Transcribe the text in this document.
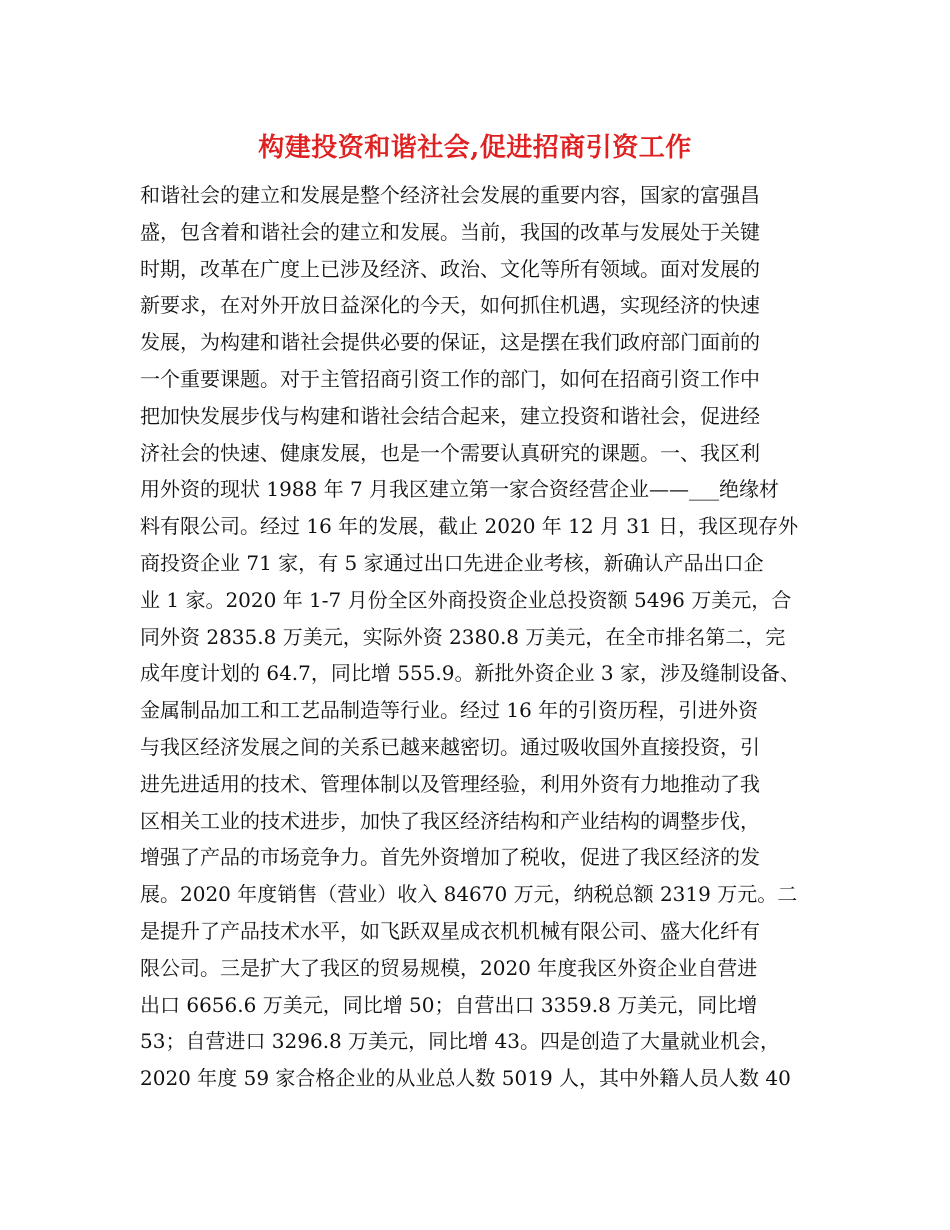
构建投资和谐社会,促进招商引资工作
和谐社会的建立和发展是整个经济社会发展的重要内容，国家的富强昌
盛，包含着和谐社会的建立和发展。当前，我国的改革与发展处于关键
时期，改革在广度上已涉及经济、政治、文化等所有领域。面对发展的
新要求，在对外开放日益深化的今天，如何抓住机遇，实现经济的快速
发展，为构建和谐社会提供必要的保证，这是摆在我们政府部门面前的
一个重要课题。对于主管招商引资工作的部门，如何在招商引资工作中
把加快发展步伐与构建和谐社会结合起来，建立投资和谐社会，促进经
济社会的快速、健康发展，也是一个需要认真研究的课题。一、我区利
用外资的现状 1988 年 7 月我区建立第一家合资经营企业——___绝缘材
料有限公司。经过 16 年的发展，截止 2020 年 12 月 31 日，我区现存外
商投资企业 71 家，有 5 家通过出口先进企业考核，新确认产品出口企
业 1 家。2020 年 1-7 月份全区外商投资企业总投资额 5496 万美元，合
同外资 2835.8 万美元，实际外资 2380.8 万美元，在全市排名第二，完
成年度计划的 64.7，同比增 555.9。新批外资企业 3 家，涉及缝制设备、
金属制品加工和工艺品制造等行业。经过 16 年的引资历程，引进外资
与我区经济发展之间的关系已越来越密切。通过吸收国外直接投资，引
进先进适用的技术、管理体制以及管理经验，利用外资有力地推动了我
区相关工业的技术进步，加快了我区经济结构和产业结构的调整步伐，
增强了产品的市场竞争力。首先外资增加了税收，促进了我区经济的发
展。2020 年度销售（营业）收入 84670 万元，纳税总额 2319 万元。二
是提升了产品技术水平，如飞跃双星成衣机机械有限公司、盛大化纤有
限公司。三是扩大了我区的贸易规模，2020 年度我区外资企业自营进
出口 6656.6 万美元，同比增 50；自营出口 3359.8 万美元，同比增
53；自营进口 3296.8 万美元，同比增 43。四是创造了大量就业机会，
2020 年度 59 家合格企业的从业总人数 5019 人，其中外籍人员人数 40
